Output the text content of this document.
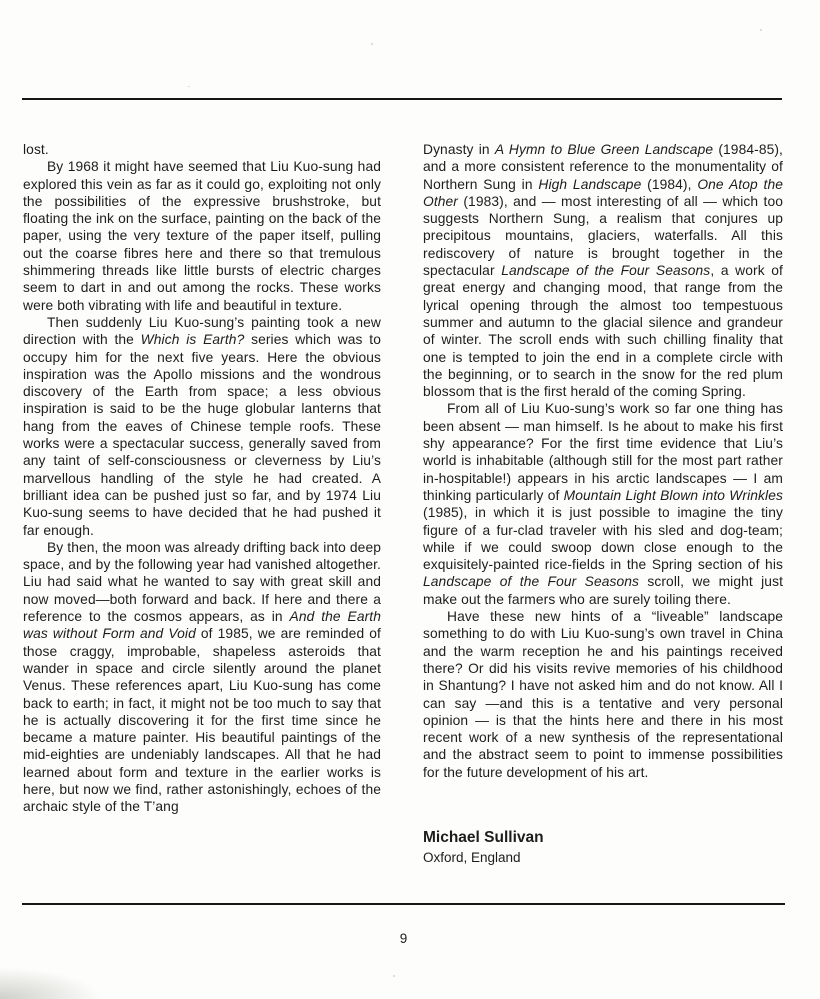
lost.

By 1968 it might have seemed that Liu Kuo-sung had explored this vein as far as it could go, exploiting not only the possibilities of the expressive brushstroke, but floating the ink on the surface, painting on the back of the paper, using the very texture of the paper itself, pulling out the coarse fibres here and there so that tremulous shimmering threads like little bursts of electric charges seem to dart in and out among the rocks. These works were both vibrating with life and beautiful in texture.

Then suddenly Liu Kuo-sung’s painting took a new direction with the Which is Earth? series which was to occupy him for the next five years. Here the obvious inspiration was the Apollo missions and the wondrous discovery of the Earth from space; a less obvious inspiration is said to be the huge globular lanterns that hang from the eaves of Chinese temple roofs. These works were a spectacular success, generally saved from any taint of self-consciousness or cleverness by Liu’s marvellous handling of the style he had created. A brilliant idea can be pushed just so far, and by 1974 Liu Kuo-sung seems to have decided that he had pushed it far enough.

By then, the moon was already drifting back into deep space, and by the following year had vanished altogether. Liu had said what he wanted to say with great skill and now moved—both forward and back. If here and there a reference to the cosmos appears, as in And the Earth was without Form and Void of 1985, we are reminded of those craggy, improbable, shapeless asteroids that wander in space and circle silently around the planet Venus. These references apart, Liu Kuo-sung has come back to earth; in fact, it might not be too much to say that he is actually discovering it for the first time since he became a mature painter. His beautiful paintings of the mid-eighties are undeniably landscapes. All that he had learned about form and texture in the earlier works is here, but now we find, rather astonishingly, echoes of the archaic style of the T’ang

Dynasty in A Hymn to Blue Green Landscape (1984-85), and a more consistent reference to the monumentality of Northern Sung in High Landscape (1984), One Atop the Other (1983), and — most interesting of all — which too suggests Northern Sung, a realism that conjures up precipitous mountains, glaciers, waterfalls. All this rediscovery of nature is brought together in the spectacular Landscape of the Four Seasons, a work of great energy and changing mood, that range from the lyrical opening through the almost too tempestuous summer and autumn to the glacial silence and grandeur of winter. The scroll ends with such chilling finality that one is tempted to join the end in a complete circle with the beginning, or to search in the snow for the red plum blossom that is the first herald of the coming Spring.

From all of Liu Kuo-sung’s work so far one thing has been absent — man himself. Is he about to make his first shy appearance? For the first time evidence that Liu’s world is inhabitable (although still for the most part rather in-hospitable!) appears in his arctic landscapes — I am thinking particularly of Mountain Light Blown into Wrinkles (1985), in which it is just possible to imagine the tiny figure of a fur-clad traveler with his sled and dog-team; while if we could swoop down close enough to the exquisitely-painted rice-fields in the Spring section of his Landscape of the Four Seasons scroll, we might just make out the farmers who are surely toiling there.

Have these new hints of a “liveable” landscape something to do with Liu Kuo-sung’s own travel in China and the warm reception he and his paintings received there? Or did his visits revive memories of his childhood in Shantung? I have not asked him and do not know. All I can say —and this is a tentative and very personal opinion — is that the hints here and there in his most recent work of a new synthesis of the representational and the abstract seem to point to immense possibilities for the future development of his art.

Michael Sullivan
Oxford, England
9
